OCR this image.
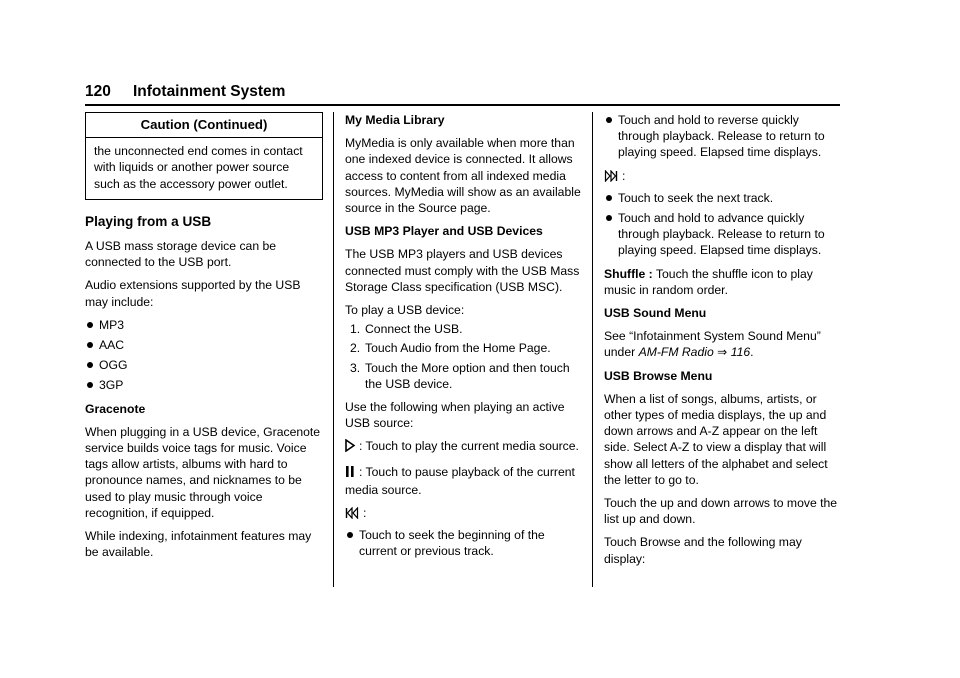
120 Infotainment System
Caution (Continued)
the unconnected end comes in contact with liquids or another power source such as the accessory power outlet.
Playing from a USB

A USB mass storage device can be connected to the USB port.

Audio extensions supported by the USB may include:

MP3
AAC
OGG
3GP

Gracenote

When plugging in a USB device, Gracenote service builds voice tags for music. Voice tags allow artists, albums with hard to pronounce names, and nicknames to be used to play music through voice recognition, if equipped.

While indexing, infotainment features may be available.

My Media Library

MyMedia is only available when more than one indexed device is connected. It allows access to content from all indexed media sources. MyMedia will show as an available source in the Source page.

USB MP3 Player and USB Devices

The USB MP3 players and USB devices connected must comply with the USB Mass Storage Class specification (USB MSC).

To play a USB device:

1. Connect the USB.
2. Touch Audio from the Home Page.
3. Touch the More option and then touch the USB device.

Use the following when playing an active USB source:

: Touch to play the current media source.

: Touch to pause playback of the current media source.

:

Touch to seek the beginning of the current or previous track.
Touch and hold to reverse quickly through playback. Release to return to playing speed. Elapsed time displays.

:

Touch to seek the next track.
Touch and hold to advance quickly through playback. Release to return to playing speed. Elapsed time displays.

Shuffle : Touch the shuffle icon to play music in random order.

USB Sound Menu

See “Infotainment System Sound Menu” under AM-FM Radio ⇒ 116.

USB Browse Menu

When a list of songs, albums, artists, or other types of media displays, the up and down arrows and A-Z appear on the left side. Select A-Z to view a display that will show all letters of the alphabet and select the letter to go to.

Touch the up and down arrows to move the list up and down.

Touch Browse and the following may display:
